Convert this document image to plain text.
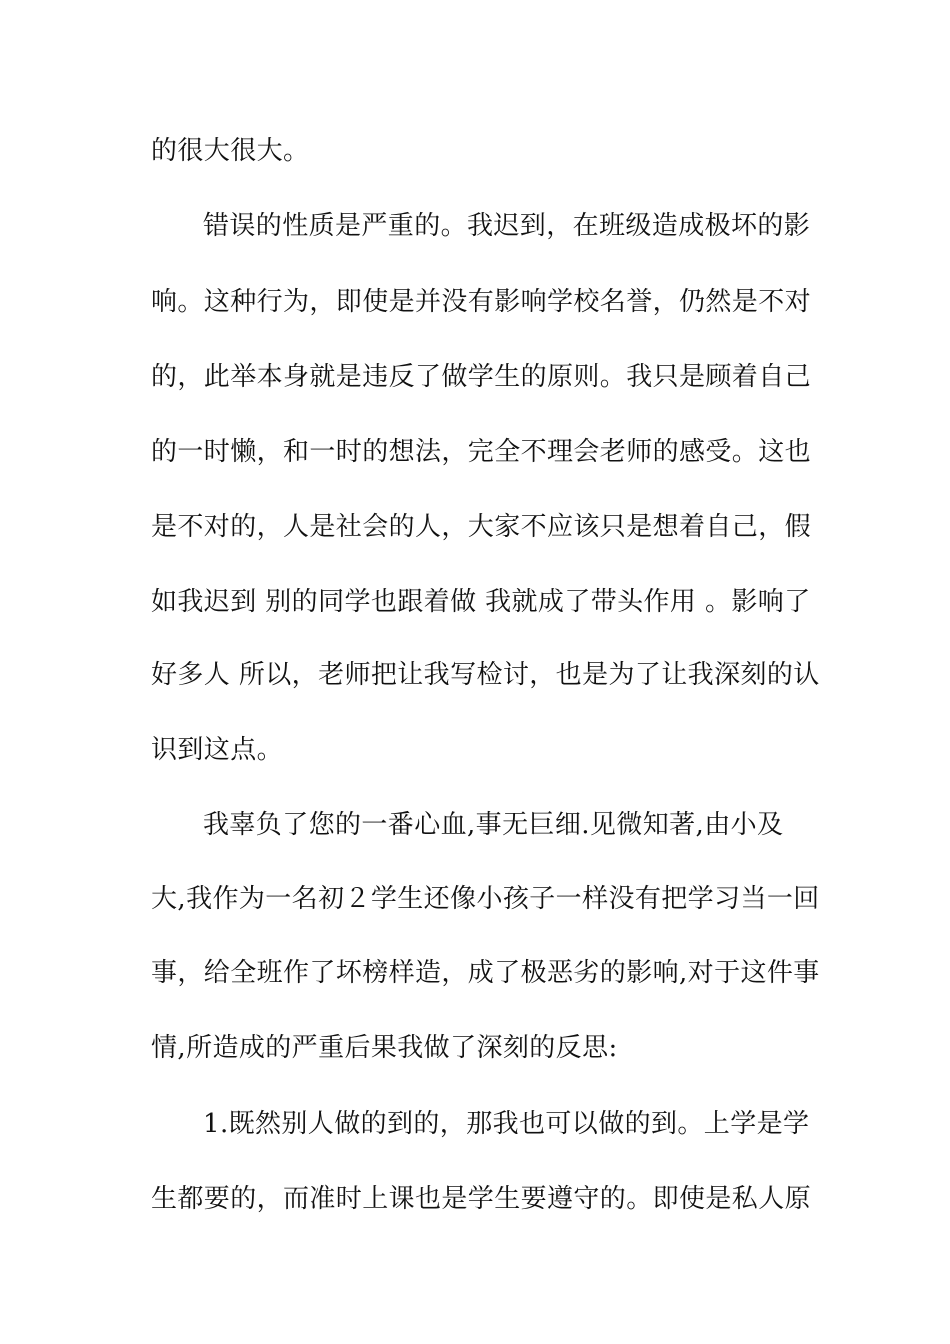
的很大很大。
错误的性质是严重的。我迟到，在班级造成极坏的影
响。这种行为，即使是并没有影响学校名誉，仍然是不对
的，此举本身就是违反了做学生的原则。我只是顾着自己
的一时懒，和一时的想法，完全不理会老师的感受。这也
是不对的，人是社会的人，大家不应该只是想着自己，假
如我迟到 别的同学也跟着做 我就成了带头作用 。影响了
好多人 所以，老师把让我写检讨，也是为了让我深刻的认
识到这点。
我辜负了您的一番心血,事无巨细.见微知著,由小及
大,我作为一名初２学生还像小孩子一样没有把学习当一回
事，给全班作了坏榜样造，成了极恶劣的影响,对于这件事
情,所造成的严重后果我做了深刻的反思:
1.既然别人做的到的，那我也可以做的到。上学是学
生都要的，而准时上课也是学生要遵守的。即使是私人原
